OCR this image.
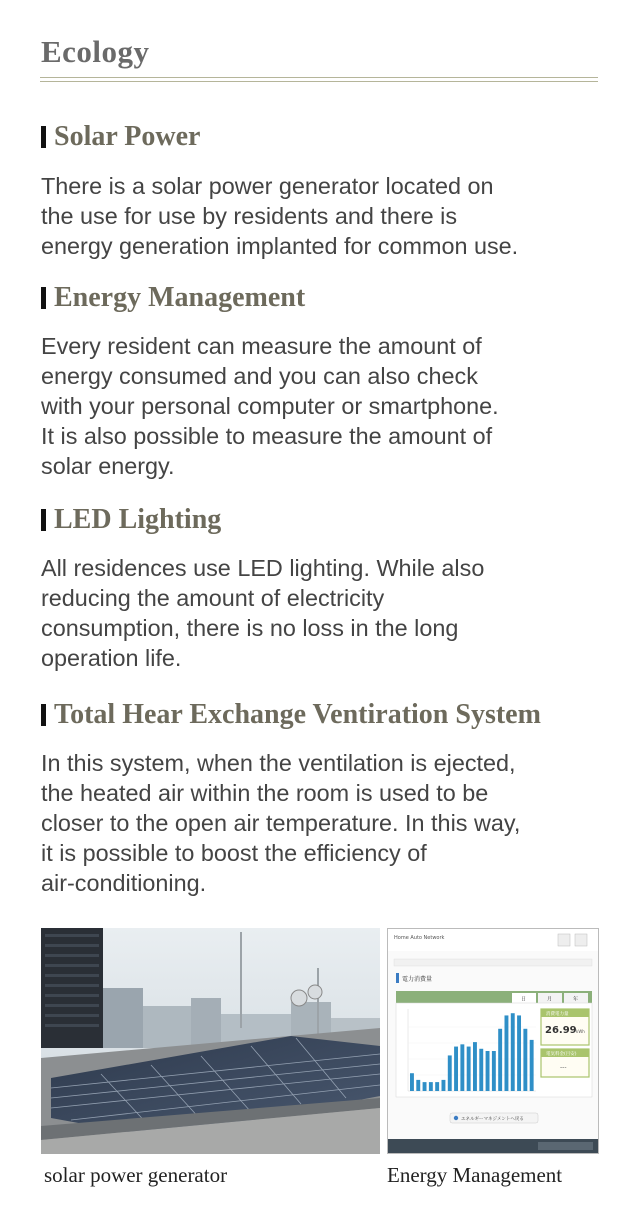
Ecology
Solar Power
There is a solar power generator located on
the use for use by residents and there is
energy generation implanted for common use.
Energy Management
Every resident can measure the amount of
energy consumed and you can also check
with your personal computer or smartphone.
It is also possible to measure the amount of
solar energy.
LED Lighting
All residences use LED lighting. While also
reducing the amount of electricity
consumption, there is no loss in the long
operation life.
Total Hear Exchange Ventiration System
In this system, when the ventilation is ejected,
the heated air within the room is used to be
closer to the open air temperature. In this way,
it is possible to boost the efficiency of
air-conditioning.
Home Auto Network
電力消費量
日	月	年
消費電力量
26.99 kWh
電気料金(目安)
---
エネルギーマネジメントへ戻る
solar power generator	Energy Management
